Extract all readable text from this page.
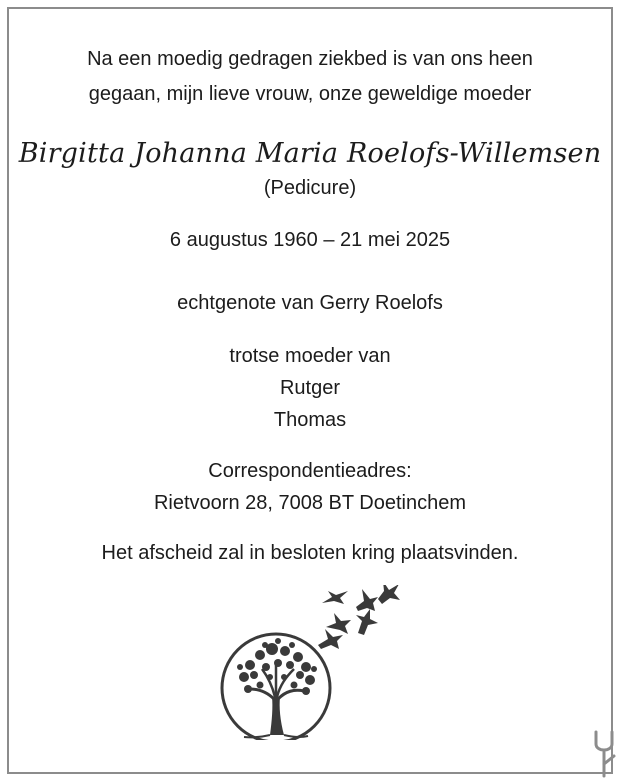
Na een moedig gedragen ziekbed is van ons heen
gegaan, mijn lieve vrouw, onze geweldige moeder
Birgitta Johanna Maria Roelofs-Willemsen
(Pedicure)
6 augustus 1960 – 21 mei 2025
echtgenote van Gerry Roelofs
trotse moeder van
Rutger
Thomas
Correspondentieadres:
Rietvoorn 28, 7008 BT Doetinchem
Het afscheid zal in besloten kring plaatsvinden.
